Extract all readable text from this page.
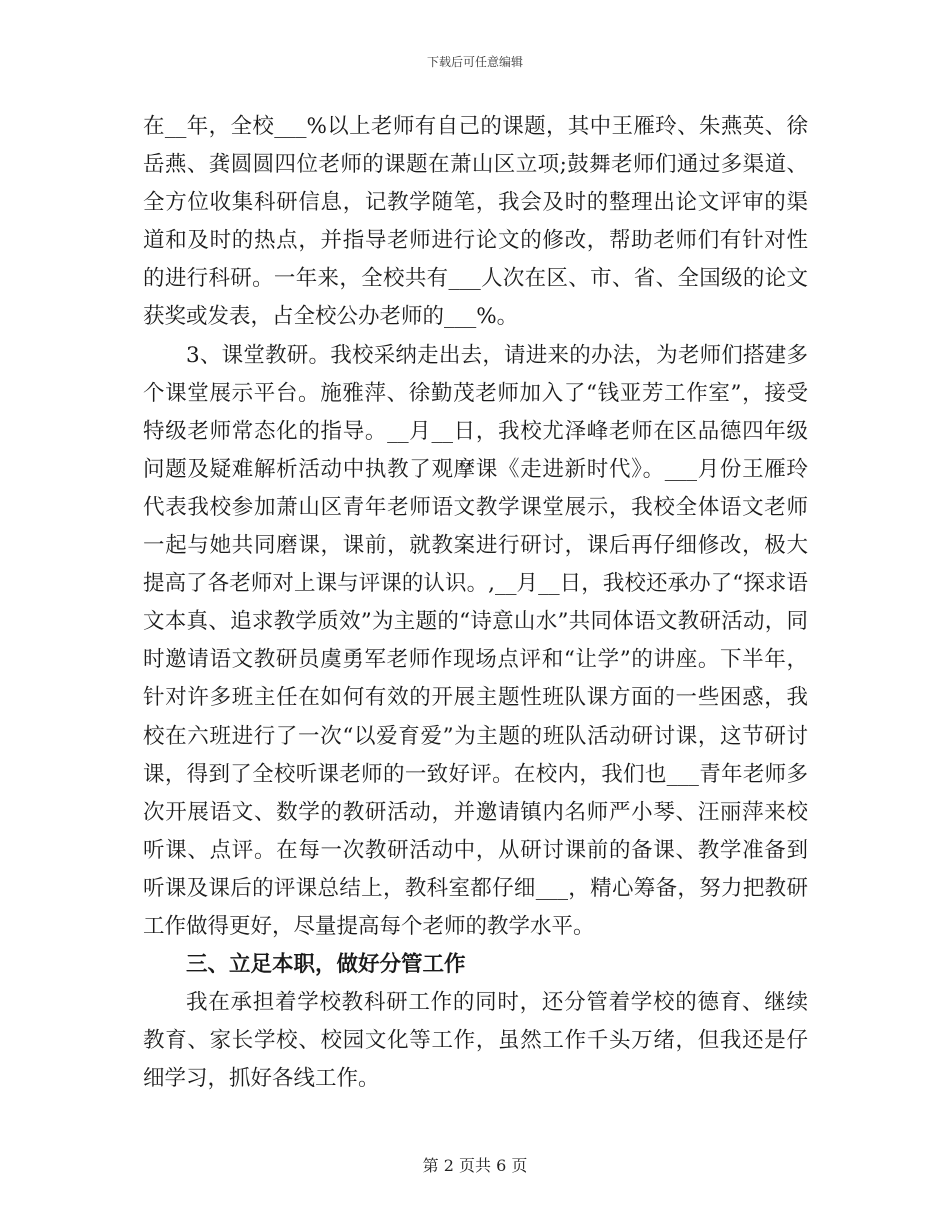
下载后可任意编辑

在__年，全校___%以上老师有自己的课题，其中王雁玲、朱燕英、徐岳燕、龚圆圆四位老师的课题在萧山区立项;鼓舞老师们通过多渠道、全方位收集科研信息，记教学随笔，我会及时的整理出论文评审的渠道和及时的热点，并指导老师进行论文的修改，帮助老师们有针对性的进行科研。一年来，全校共有___人次在区、市、省、全国级的论文获奖或发表，占全校公办老师的___%。

3、课堂教研。我校采纳走出去，请进来的办法，为老师们搭建多个课堂展示平台。施雅萍、徐勤茂老师加入了“钱亚芳工作室”，接受特级老师常态化的指导。__月__日，我校尤泽峰老师在区品德四年级问题及疑难解析活动中执教了观摩课《走进新时代》。___月份王雁玲代表我校参加萧山区青年老师语文教学课堂展示，我校全体语文老师一起与她共同磨课，课前，就教案进行研讨，课后再仔细修改，极大提高了各老师对上课与评课的认识。,__月__日，我校还承办了“探求语文本真、追求教学质效”为主题的“诗意山水”共同体语文教研活动，同时邀请语文教研员虞勇军老师作现场点评和“让学”的讲座。下半年，针对许多班主任在如何有效的开展主题性班队课方面的一些困惑，我校在六班进行了一次“以爱育爱”为主题的班队活动研讨课，这节研讨课，得到了全校听课老师的一致好评。在校内，我们也___青年老师多次开展语文、数学的教研活动，并邀请镇内名师严小琴、汪丽萍来校听课、点评。在每一次教研活动中，从研讨课前的备课、教学准备到听课及课后的评课总结上，教科室都仔细___，精心筹备，努力把教研工作做得更好，尽量提高每个老师的教学水平。

三、立足本职，做好分管工作

我在承担着学校教科研工作的同时，还分管着学校的德育、继续教育、家长学校、校园文化等工作，虽然工作千头万绪，但我还是仔细学习，抓好各线工作。

第 2 页共 6 页
